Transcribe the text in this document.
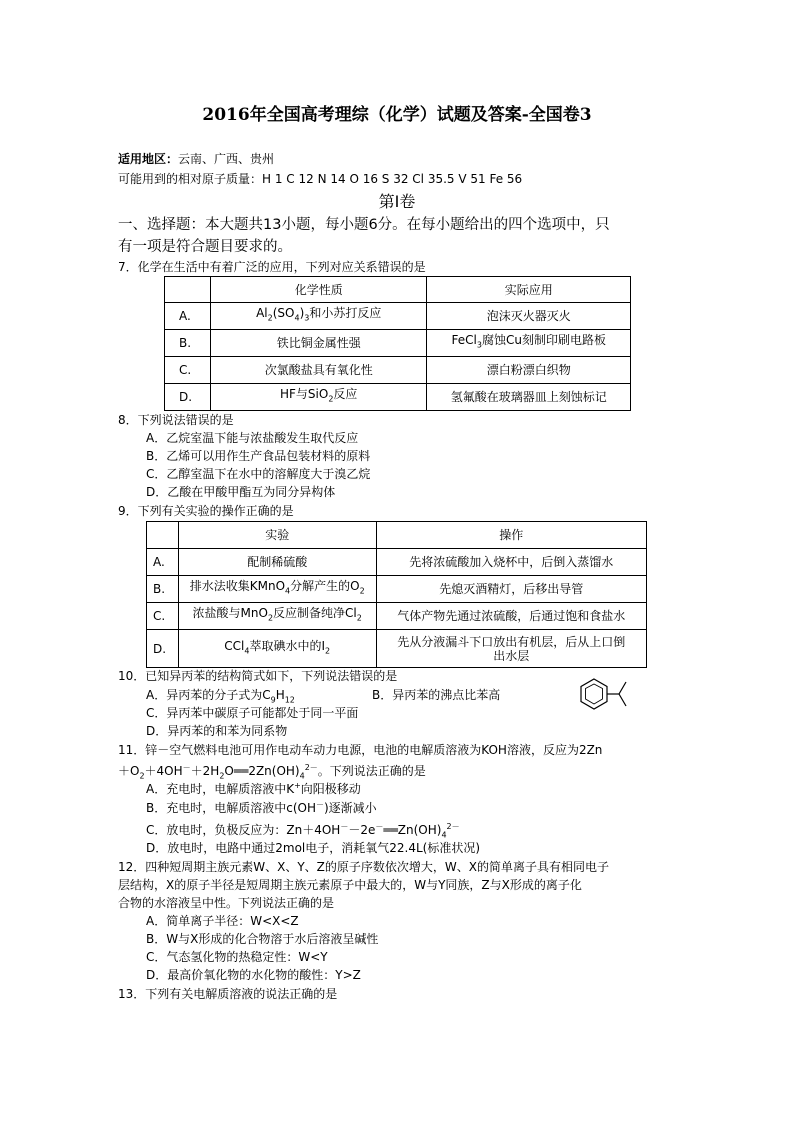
2016年全国高考理综（化学）试题及答案-全国卷3
适用地区：云南、广西、贵州
可能用到的相对原子质量：H 1 C 12 N 14 O 16 S 32 Cl 35.5 V 51 Fe 56
第Ⅰ卷
一、选择题：本大题共13小题，每小题6分。在每小题给出的四个选项中，只
有一项是符合题目要求的。
7．化学在生活中有着广泛的应用，下列对应关系错误的是
	化学性质	实际应用
A.	$Al_2(SO_4)_3$和小苏打反应	泡沫灭火器灭火
B.	铁比铜金属性强	FeCl$_3$腐蚀Cu刻制印刷电路板
C.	次氯酸盐具有氧化性	漂白粉漂白织物
D.	HF与SiO$_2$反应	氢氟酸在玻璃器皿上刻蚀标记
8．下列说法错误的是
A．乙烷室温下能与浓盐酸发生取代反应
B．乙烯可以用作生产食品包装材料的原料
C．乙醇室温下在水中的溶解度大于溴乙烷
D．乙酸在甲酸甲酯互为同分异构体
9．下列有关实验的操作正确的是
	实验	操作
A.	配制稀硫酸	先将浓硫酸加入烧杯中，后倒入蒸馏水
B.	排水法收集KMnO$_4$分解产生的$O_2$	先熄灭酒精灯，后移出导管
C.	浓盐酸与MnO$_2$反应制备纯净$Cl_2$	气体产物先通过浓硫酸，后通过饱和食盐水
D.	CCl$_4$萃取碘水中的$I_2$	先从分液漏斗下口放出有机层，后从上口倒
出水层
10．已知异丙苯的结构简式如下，下列说法错误的是
A．异丙苯的分子式为$C_9H_{12}$	B．异丙苯的沸点比苯高
C．异丙苯中碳原子可能都处于同一平面
D．异丙苯的和苯为同系物
11．锌－空气燃料电池可用作电动车动力电源，电池的电解质溶液为KOH溶液，反应为2Zn
$+O_2+4OH^-+2H_2O══2Zn(OH)_4^{2-}$。下列说法正确的是
A．充电时，电解质溶液中K+向阳极移动
B．充电时，电解质溶液中c(OH－)逐渐减小
C．放电时，负极反应为：$Zn+4OH^--2e^-══Zn(OH)_4^{2-}$
D．放电时，电路中通过2mol电子，消耗氧气22.4L(标准状况)
12．四种短周期主族元素W、X、Y、Z的原子序数依次增大，W、X的简单离子具有相同电子
层结构，X的原子半径是短周期主族元素原子中最大的，W与Y同族，Z与X形成的离子化
合物的水溶液呈中性。下列说法正确的是
A．简单离子半径：W<X<Z
B．W与X形成的化合物溶于水后溶液呈碱性
C．气态氢化物的热稳定性：W<Y
D．最高价氧化物的水化物的酸性：Y>Z
13．下列有关电解质溶液的说法正确的是
